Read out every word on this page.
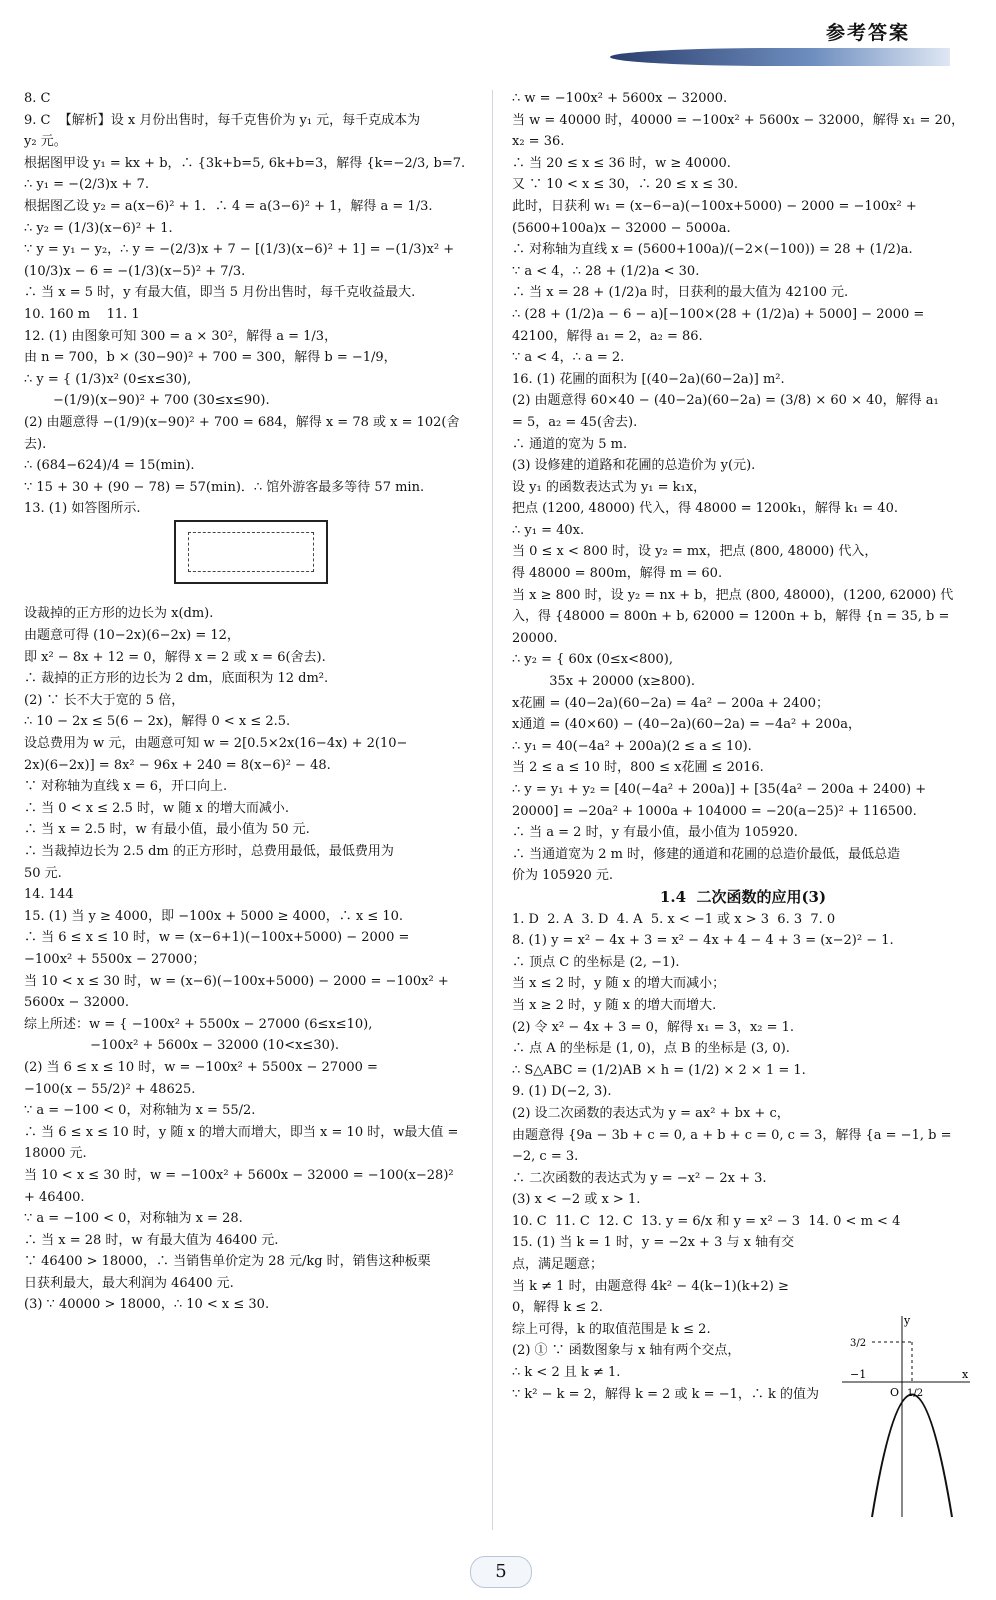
参考答案
8. C
9. C  【解析】设 x 月份出售时，每千克售价为 y₁ 元，每千克成本为
y₂ 元。
根据图甲设 y₁ = kx + b，∴ {3k+b=5, 6k+b=3，解得 {k=−2/3, b=7.
∴ y₁ = −(2/3)x + 7.
根据图乙设 y₂ = a(x−6)² + 1．∴ 4 = a(3−6)² + 1，解得 a = 1/3.
∴ y₂ = (1/3)(x−6)² + 1.
∵ y = y₁ − y₂，∴ y = −(2/3)x + 7 − [(1/3)(x−6)² + 1] = −(1/3)x² +
(10/3)x − 6 = −(1/3)(x−5)² + 7/3.
∴ 当 x = 5 时，y 有最大值，即当 5 月份出售时，每千克收益最大.
10. 160 m    11. 1
12. (1) 由图象可知 300 = a × 30²，解得 a = 1/3，
由 n = 700，b × (30−90)² + 700 = 300，解得 b = −1/9，
∴ y = { (1/3)x² (0≤x≤30),
−(1/9)(x−90)² + 700 (30≤x≤90).
(2) 由题意得 −(1/9)(x−90)² + 700 = 684，解得 x = 78 或 x = 102(舍去).
∴ (684−624)/4 = 15(min).
∵ 15 + 30 + (90 − 78) = 57(min)．∴ 馆外游客最多等待 57 min.
13. (1) 如答图所示.
设裁掉的正方形的边长为 x(dm).
由题意可得 (10−2x)(6−2x) = 12，
即 x² − 8x + 12 = 0，解得 x = 2 或 x = 6(舍去).
∴ 裁掉的正方形的边长为 2 dm，底面积为 12 dm².
(2) ∵ 长不大于宽的 5 倍，
∴ 10 − 2x ≤ 5(6 − 2x)，解得 0 < x ≤ 2.5.
设总费用为 w 元，由题意可知 w = 2[0.5×2x(16−4x) + 2(10−
2x)(6−2x)] = 8x² − 96x + 240 = 8(x−6)² − 48.
∵ 对称轴为直线 x = 6，开口向上.
∴ 当 0 < x ≤ 2.5 时，w 随 x 的增大而减小.
∴ 当 x = 2.5 时，w 有最小值，最小值为 50 元.
∴ 当裁掉边长为 2.5 dm 的正方形时，总费用最低，最低费用为
50 元.
14. 144
15. (1) 当 y ≥ 4000，即 −100x + 5000 ≥ 4000，∴ x ≤ 10.
∴ 当 6 ≤ x ≤ 10 时，w = (x−6+1)(−100x+5000) − 2000 =
−100x² + 5500x − 27000；
当 10 < x ≤ 30 时，w = (x−6)(−100x+5000) − 2000 = −100x² +
5600x − 32000.
综上所述：w = { −100x² + 5500x − 27000 (6≤x≤10),
−100x² + 5600x − 32000 (10<x≤30).
(2) 当 6 ≤ x ≤ 10 时，w = −100x² + 5500x − 27000 =
−100(x − 55/2)² + 48625.
∵ a = −100 < 0，对称轴为 x = 55/2.
∴ 当 6 ≤ x ≤ 10 时，y 随 x 的增大而增大，即当 x = 10 时，w最大值 =
18000 元.
当 10 < x ≤ 30 时，w = −100x² + 5600x − 32000 = −100(x−28)²
+ 46400.
∵ a = −100 < 0，对称轴为 x = 28.
∴ 当 x = 28 时，w 有最大值为 46400 元.
∵ 46400 > 18000，∴ 当销售单价定为 28 元/kg 时，销售这种板栗
日获利最大，最大利润为 46400 元.
(3) ∵ 40000 > 18000，∴ 10 < x ≤ 30.
∴ w = −100x² + 5600x − 32000.
当 w = 40000 时，40000 = −100x² + 5600x − 32000，解得 x₁ = 20，
x₂ = 36.
∴ 当 20 ≤ x ≤ 36 时，w ≥ 40000.
又 ∵ 10 < x ≤ 30，∴ 20 ≤ x ≤ 30.
此时，日获利 w₁ = (x−6−a)(−100x+5000) − 2000 = −100x² +
(5600+100a)x − 32000 − 5000a.
∴ 对称轴为直线 x = (5600+100a)/(−2×(−100)) = 28 + (1/2)a.
∵ a < 4，∴ 28 + (1/2)a < 30.
∴ 当 x = 28 + (1/2)a 时，日获利的最大值为 42100 元.
∴ (28 + (1/2)a − 6 − a)[−100×(28 + (1/2)a) + 5000] − 2000 =
42100，解得 a₁ = 2，a₂ = 86.
∵ a < 4，∴ a = 2.
16. (1) 花圃的面积为 [(40−2a)(60−2a)] m².
(2) 由题意得 60×40 − (40−2a)(60−2a) = (3/8) × 60 × 40，解得 a₁
= 5，a₂ = 45(舍去).
∴ 通道的宽为 5 m.
(3) 设修建的道路和花圃的总造价为 y(元).
设 y₁ 的函数表达式为 y₁ = k₁x，
把点 (1200, 48000) 代入，得 48000 = 1200k₁，解得 k₁ = 40.
∴ y₁ = 40x.
当 0 ≤ x < 800 时，设 y₂ = mx，把点 (800, 48000) 代入，
得 48000 = 800m，解得 m = 60.
当 x ≥ 800 时，设 y₂ = nx + b，把点 (800, 48000)，(1200, 62000) 代
入，得 {48000 = 800n + b, 62000 = 1200n + b，解得 {n = 35, b = 20000.
∴ y₂ = { 60x (0≤x<800),
35x + 20000 (x≥800).
x花圃 = (40−2a)(60−2a) = 4a² − 200a + 2400；
x通道 = (40×60) − (40−2a)(60−2a) = −4a² + 200a，
∴ y₁ = 40(−4a² + 200a)(2 ≤ a ≤ 10).
当 2 ≤ a ≤ 10 时，800 ≤ x花圃 ≤ 2016.
∴ y = y₁ + y₂ = [40(−4a² + 200a)] + [35(4a² − 200a + 2400) +
20000] = −20a² + 1000a + 104000 = −20(a−25)² + 116500.
∴ 当 a = 2 时，y 有最小值，最小值为 105920.
∴ 当通道宽为 2 m 时，修建的通道和花圃的总造价最低，最低总造
价为 105920 元.
1.4  二次函数的应用(3)
1. D  2. A  3. D  4. A  5. x < −1 或 x > 3  6. 3  7. 0
8. (1) y = x² − 4x + 3 = x² − 4x + 4 − 4 + 3 = (x−2)² − 1.
∴ 顶点 C 的坐标是 (2, −1).
当 x ≤ 2 时，y 随 x 的增大而减小；
当 x ≥ 2 时，y 随 x 的增大而增大.
(2) 令 x² − 4x + 3 = 0，解得 x₁ = 3，x₂ = 1.
∴ 点 A 的坐标是 (1, 0)，点 B 的坐标是 (3, 0).
∴ S△ABC = (1/2)AB × h = (1/2) × 2 × 1 = 1.
9. (1) D(−2, 3).
(2) 设二次函数的表达式为 y = ax² + bx + c，
由题意得 {9a − 3b + c = 0, a + b + c = 0, c = 3，解得 {a = −1, b = −2, c = 3.
∴ 二次函数的表达式为 y = −x² − 2x + 3.
(3) x < −2 或 x > 1.
10. C  11. C  12. C  13. y = 6/x 和 y = x² − 3  14. 0 < m < 4
15. (1) 当 k = 1 时，y = −2x + 3 与 x 轴有交
点，满足题意；
当 k ≠ 1 时，由题意得 4k² − 4(k−1)(k+2) ≥
0，解得 k ≤ 2.
综上可得，k 的取值范围是 k ≤ 2.
(2) ① ∵ 函数图象与 x 轴有两个交点，
∴ k < 2 且 k ≠ 1.
∵ k² − k = 2，解得 k = 2 或 k = −1，∴ k 的值为
y
x
O
−1
1/2
3/2
5
